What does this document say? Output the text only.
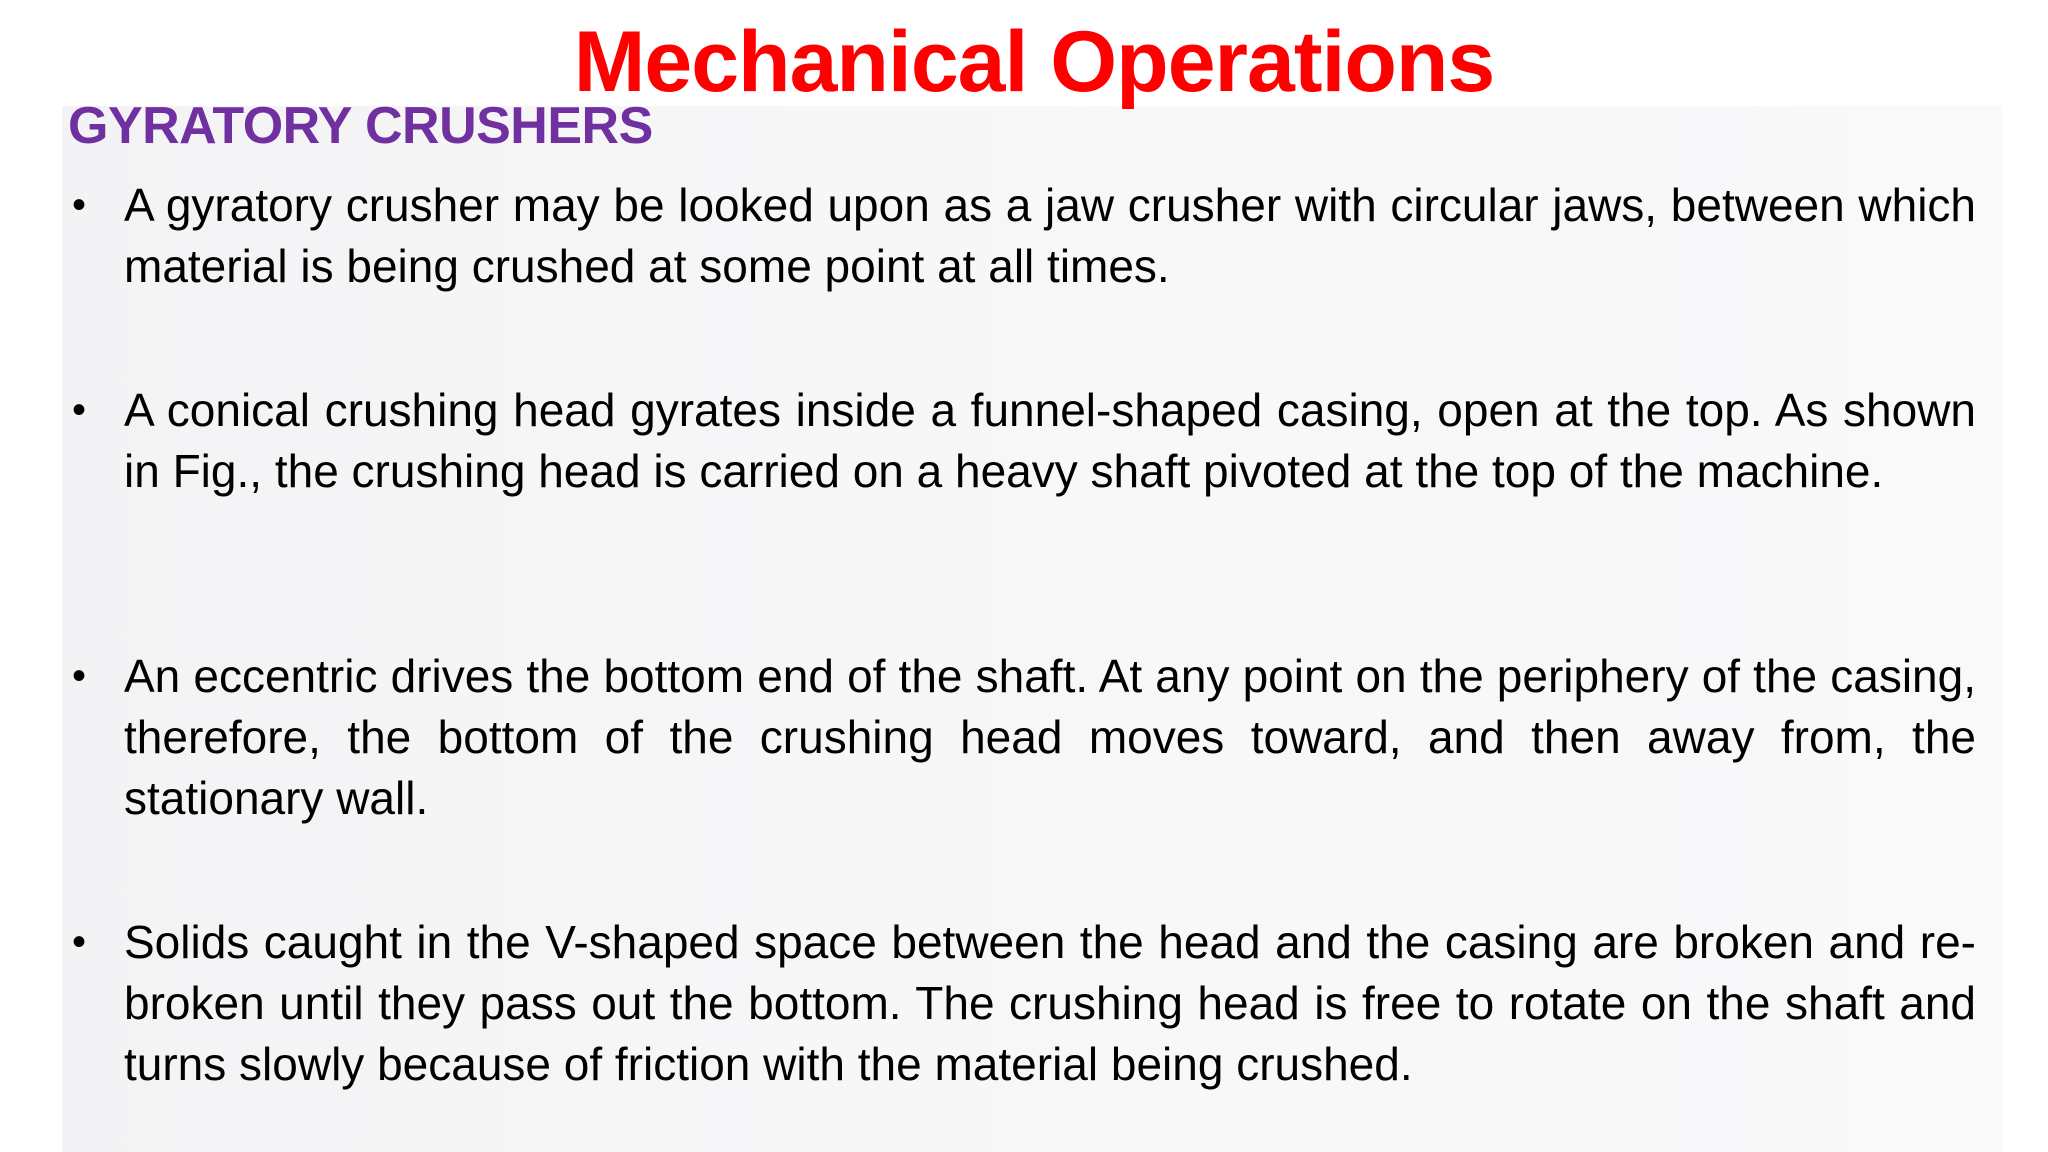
Mechanical Operations
GYRATORY CRUSHERS
• A gyratory crusher may be looked upon as a jaw crusher with circular jaws, between which material is being crushed at some point at all times.
• A conical crushing head gyrates inside a funnel-shaped casing, open at the top. As shown in Fig., the crushing head is carried on a heavy shaft pivoted at the top of the machine.
• An eccentric drives the bottom end of the shaft. At any point on the periphery of the casing, therefore, the bottom of the crushing head moves toward, and then away from, the stationary wall.
• Solids caught in the V-shaped space between the head and the casing are broken and re-broken until they pass out the bottom. The crushing head is free to rotate on the shaft and turns slowly because of friction with the material being crushed.
